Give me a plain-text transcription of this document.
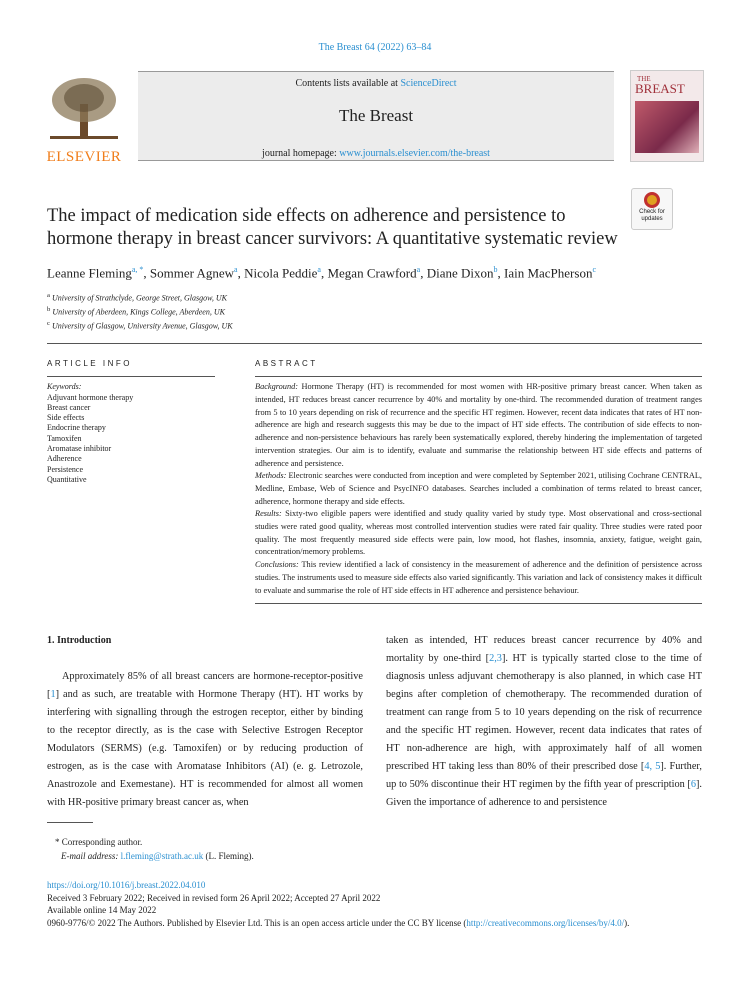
The Breast 64 (2022) 63–84
ELSEVIER
Contents lists available at ScienceDirect
The Breast
journal homepage: www.journals.elsevier.com/the-breast
THE
BREAST
Check for updates
The impact of medication side effects on adherence and persistence to hormone therapy in breast cancer survivors: A quantitative systematic review
Leanne Fleming$^{a, *}$, Sommer Agnew$^a$, Nicola Peddie$^a$, Megan Crawford$^a$, Diane Dixon$^b$, Iain MacPherson$^c$
$^a$ University of Strathclyde, George Street, Glasgow, UK
$^b$ University of Aberdeen, Kings College, Aberdeen, UK
$^c$ University of Glasgow, University Avenue, Glasgow, UK
ARTICLE INFO
Keywords:
Adjuvant hormone therapy
Breast cancer
Side effects
Endocrine therapy
Tamoxifen
Aromatase inhibitor
Adherence
Persistence
Quantitative
ABSTRACT

Background: Hormone Therapy (HT) is recommended for most women with HR-positive primary breast cancer. When taken as intended, HT reduces breast cancer recurrence by 40% and mortality by one-third. The recommended duration of treatment ranges from 5 to 10 years depending on risk of recurrence and the specific HT regimen. However, recent data indicates that rates of HT non-adherence are high and research suggests this may be due to the impact of HT side effects. The contribution of side effects to non-adherence and non-persistence behaviours has rarely been systematically explored, thereby hindering the implementation of targeted intervention strategies. Our aim is to identify, evaluate and summarise the relationship between HT side effects and patterns of adherence and persistence.

Methods: Electronic searches were conducted from inception and were completed by September 2021, utilising Cochrane CENTRAL, Medline, Embase, Web of Science and PsycINFO databases. Searches included a combination of terms related to breast cancer, adherence, hormone therapy and side effects.

Results: Sixty-two eligible papers were identified and study quality varied by study type. Most observational and cross-sectional studies were rated good quality, whereas most controlled intervention studies were rated fair quality. Three studies were rated poor quality. The most frequently measured side effects were pain, low mood, hot flashes, insomnia, anxiety, fatigue, weight gain, concentration/memory problems.

Conclusions: This review identified a lack of consistency in the measurement of adherence and the definition of persistence across studies. The instruments used to measure side effects also varied significantly. This variation and lack of consistency makes it difficult to evaluate and summarise the role of HT side effects in HT adherence and persistence behaviour.

1. Introduction
Approximately 85% of all breast cancers are hormone-receptor-positive [1] and as such, are treatable with Hormone Therapy (HT). HT works by interfering with signalling through the estrogen receptor, either by binding to the receptor directly, as is the case with Selective Estrogen Receptor Modulators (SERMS) (e.g. Tamoxifen) or by reducing production of estrogen, as is the case with Aromatase Inhibitors (AI) (e. g. Letrozole, Anastrozole and Exemestane). HT is recommended for almost all women with HR-positive primary breast cancer as, when
taken as intended, HT reduces breast cancer recurrence by 40% and mortality by one-third [2,3]. HT is typically started close to the time of diagnosis unless adjuvant chemotherapy is also planned, in which case HT begins after completion of chemotherapy. The recommended duration of treatment can range from 5 to 10 years depending on the risk of recurrence and the specific HT regimen. However, recent data indicates that rates of HT non-adherence are high, with approximately half of all women prescribed HT taking less than 80% of their prescribed dose [4, 5]. Further, up to 50% discontinue their HT regimen by the fifth year of prescription [6]. Given the importance of adherence to and persistence
* Corresponding author.
E-mail address: l.fleming@strath.ac.uk (L. Fleming).
https://doi.org/10.1016/j.breast.2022.04.010
Received 3 February 2022; Received in revised form 26 April 2022; Accepted 27 April 2022
Available online 14 May 2022
0960-9776/© 2022 The Authors. Published by Elsevier Ltd. This is an open access article under the CC BY license (http://creativecommons.org/licenses/by/4.0/).
